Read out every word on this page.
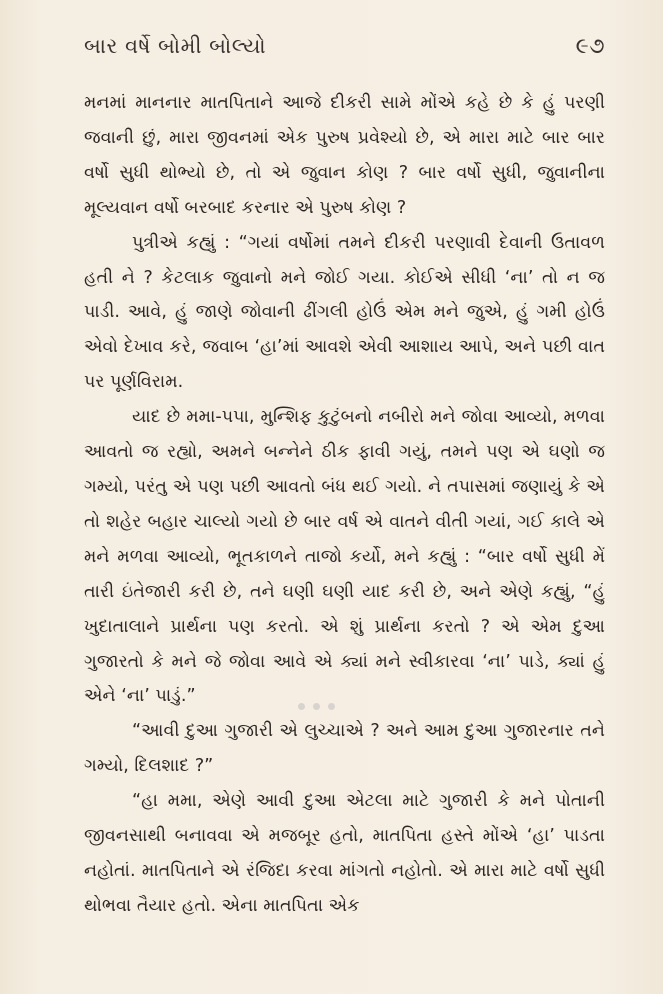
બાર વર્ષે બોમી બોલ્યો	૯૭

મનમાં માનનાર માતપિતાને આજે દીકરી સામે મોંએ કહે છે કે હું પરણી જવાની છું, મારા જીવનમાં એક પુરુષ પ્રવેશ્યો છે, એ મારા માટે બાર બાર વર્ષો સુધી થોભ્યો છે, તો એ જુવાન કોણ ? બાર વર્ષો સુધી, જુવાનીના મૂલ્યવાન વર્ષો બરબાદ કરનાર એ પુરુષ કોણ ?

પુત્રીએ કહ્યું : “ગયાં વર્ષોમાં તમને દીકરી પરણાવી દેવાની ઉતાવળ હતી ને ? કેટલાક જુવાનો મને જોઈ ગયા. કોઈએ સીધી ‘ના’ તો ન જ પાડી. આવે, હું જાણે જોવાની ઢીંગલી હોઉં એમ મને જુએ, હું ગમી હોઉં એવો દેખાવ કરે, જવાબ ‘હા’માં આવશે એવી આશાય આપે, અને પછી વાત પર પૂર્ણવિરામ.

યાદ છે મમા-પપા, મુન્શિફ કુટુંબનો નબીરો મને જોવા આવ્યો, મળવા આવતો જ રહ્યો, અમને બન્નેને ઠીક ફાવી ગયું, તમને પણ એ ઘણો જ ગમ્યો, પરંતુ એ પણ પછી આવતો બંધ થઈ ગયો. ને તપાસમાં જણાયું કે એ તો શહેર બહાર ચાલ્યો ગયો છે બાર વર્ષ એ વાતને વીતી ગયાં, ગઈ કાલે એ મને મળવા આવ્યો, ભૂતકાળને તાજો કર્યો, મને કહ્યું : “બાર વર્ષો સુધી મેં તારી ઇંતેજારી કરી છે, તને ઘણી ઘણી યાદ કરી છે, અને એણે કહ્યું, “હું ખુદાતાલાને પ્રાર્થના પણ કરતો. એ શું પ્રાર્થના કરતો ? એ એમ દુઆ ગુજારતો કે મને જે જોવા આવે એ ક્યાં મને સ્વીકારવા ‘ના’ પાડે, ક્યાં હું એને ‘ના’ પાડું.”

“આવી દુઆ ગુજારી એ લુચ્ચાએ ? અને આમ દુઆ ગુજારનાર તને ગમ્યો, દિલશાદ ?”

“હા મમા, એણે આવી દુઆ એટલા માટે ગુજારી કે મને પોતાની જીવનસાથી બનાવવા એ મજબૂર હતો, માતપિતા હસ્તે મોંએ ‘હા’ પાડતા નહોતાં. માતપિતાને એ રંજિદા કરવા માંગતો નહોતો. એ મારા માટે વર્ષો સુધી થોભવા તૈયાર હતો. એના માતપિતા એક
